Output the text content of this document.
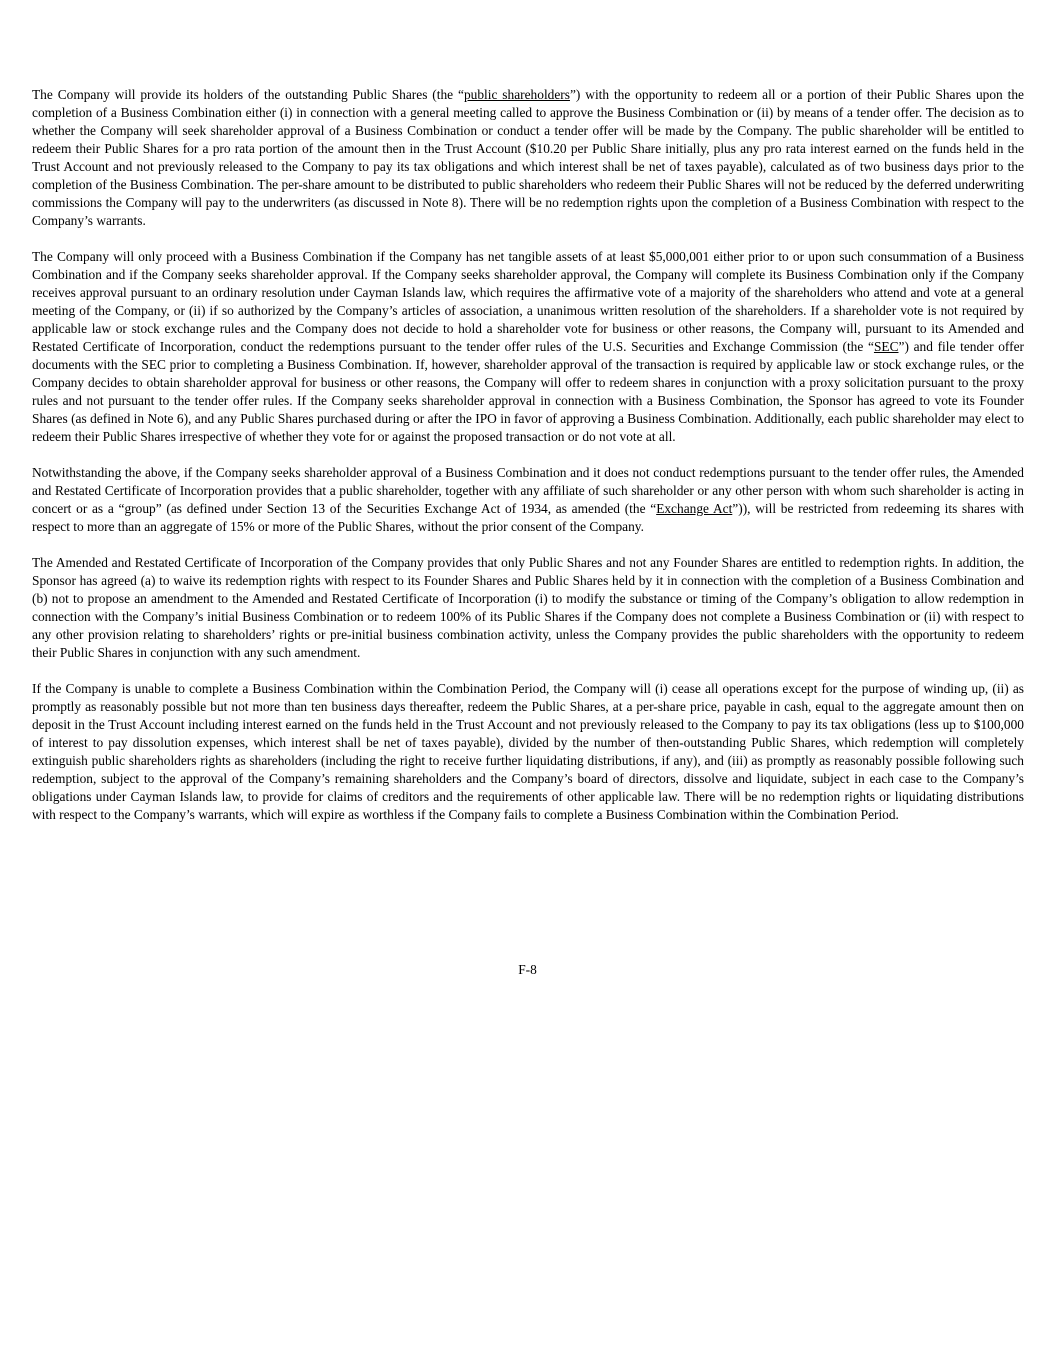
The Company will provide its holders of the outstanding Public Shares (the “public shareholders”) with the opportunity to redeem all or a portion of their Public Shares upon the completion of a Business Combination either (i) in connection with a general meeting called to approve the Business Combination or (ii) by means of a tender offer. The decision as to whether the Company will seek shareholder approval of a Business Combination or conduct a tender offer will be made by the Company. The public shareholder will be entitled to redeem their Public Shares for a pro rata portion of the amount then in the Trust Account ($10.20 per Public Share initially, plus any pro rata interest earned on the funds held in the Trust Account and not previously released to the Company to pay its tax obligations and which interest shall be net of taxes payable), calculated as of two business days prior to the completion of the Business Combination. The per-share amount to be distributed to public shareholders who redeem their Public Shares will not be reduced by the deferred underwriting commissions the Company will pay to the underwriters (as discussed in Note 8). There will be no redemption rights upon the completion of a Business Combination with respect to the Company’s warrants.

The Company will only proceed with a Business Combination if the Company has net tangible assets of at least $5,000,001 either prior to or upon such consummation of a Business Combination and if the Company seeks shareholder approval. If the Company seeks shareholder approval, the Company will complete its Business Combination only if the Company receives approval pursuant to an ordinary resolution under Cayman Islands law, which requires the affirmative vote of a majority of the shareholders who attend and vote at a general meeting of the Company, or (ii) if so authorized by the Company’s articles of association, a unanimous written resolution of the shareholders. If a shareholder vote is not required by applicable law or stock exchange rules and the Company does not decide to hold a shareholder vote for business or other reasons, the Company will, pursuant to its Amended and Restated Certificate of Incorporation, conduct the redemptions pursuant to the tender offer rules of the U.S. Securities and Exchange Commission (the “SEC”) and file tender offer documents with the SEC prior to completing a Business Combination. If, however, shareholder approval of the transaction is required by applicable law or stock exchange rules, or the Company decides to obtain shareholder approval for business or other reasons, the Company will offer to redeem shares in conjunction with a proxy solicitation pursuant to the proxy rules and not pursuant to the tender offer rules. If the Company seeks shareholder approval in connection with a Business Combination, the Sponsor has agreed to vote its Founder Shares (as defined in Note 6), and any Public Shares purchased during or after the IPO in favor of approving a Business Combination. Additionally, each public shareholder may elect to redeem their Public Shares irrespective of whether they vote for or against the proposed transaction or do not vote at all.

Notwithstanding the above, if the Company seeks shareholder approval of a Business Combination and it does not conduct redemptions pursuant to the tender offer rules, the Amended and Restated Certificate of Incorporation provides that a public shareholder, together with any affiliate of such shareholder or any other person with whom such shareholder is acting in concert or as a “group” (as defined under Section 13 of the Securities Exchange Act of 1934, as amended (the “Exchange Act”)), will be restricted from redeeming its shares with respect to more than an aggregate of 15% or more of the Public Shares, without the prior consent of the Company.

The Amended and Restated Certificate of Incorporation of the Company provides that only Public Shares and not any Founder Shares are entitled to redemption rights. In addition, the Sponsor has agreed (a) to waive its redemption rights with respect to its Founder Shares and Public Shares held by it in connection with the completion of a Business Combination and (b) not to propose an amendment to the Amended and Restated Certificate of Incorporation (i) to modify the substance or timing of the Company’s obligation to allow redemption in connection with the Company’s initial Business Combination or to redeem 100% of its Public Shares if the Company does not complete a Business Combination or (ii) with respect to any other provision relating to shareholders’ rights or pre-initial business combination activity, unless the Company provides the public shareholders with the opportunity to redeem their Public Shares in conjunction with any such amendment.

If the Company is unable to complete a Business Combination within the Combination Period, the Company will (i) cease all operations except for the purpose of winding up, (ii) as promptly as reasonably possible but not more than ten business days thereafter, redeem the Public Shares, at a per-share price, payable in cash, equal to the aggregate amount then on deposit in the Trust Account including interest earned on the funds held in the Trust Account and not previously released to the Company to pay its tax obligations (less up to $100,000 of interest to pay dissolution expenses, which interest shall be net of taxes payable), divided by the number of then-outstanding Public Shares, which redemption will completely extinguish public shareholders rights as shareholders (including the right to receive further liquidating distributions, if any), and (iii) as promptly as reasonably possible following such redemption, subject to the approval of the Company’s remaining shareholders and the Company’s board of directors, dissolve and liquidate, subject in each case to the Company’s obligations under Cayman Islands law, to provide for claims of creditors and the requirements of other applicable law. There will be no redemption rights or liquidating distributions with respect to the Company’s warrants, which will expire as worthless if the Company fails to complete a Business Combination within the Combination Period.

F-8
